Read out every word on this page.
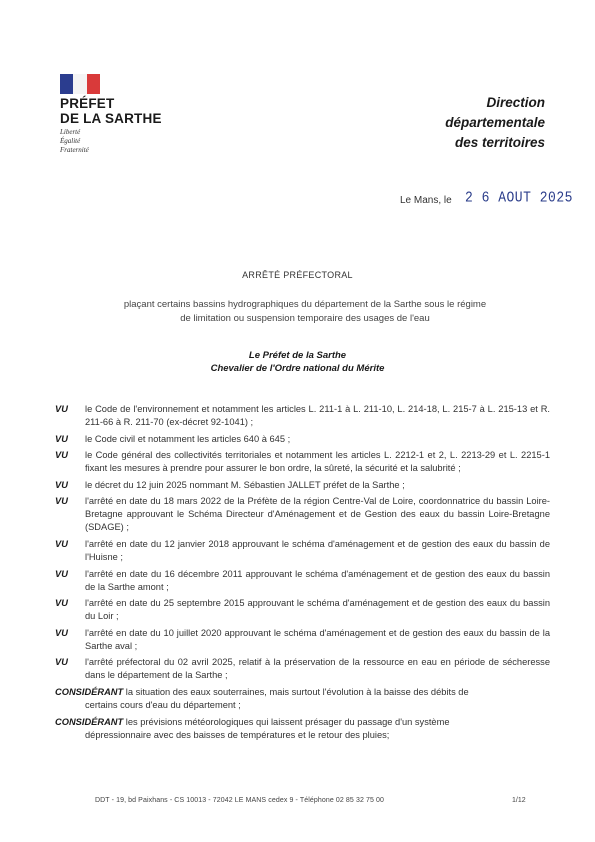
PRÉFET
DE LA SARTHE
Liberté
Égalité
Fraternité
Direction
départementale
des territoires
Le Mans, le 2 6 AOUT 2025
ARRÊTÉ PRÉFECTORAL
plaçant certains bassins hydrographiques du département de la Sarthe sous le régime
de limitation ou suspension temporaire des usages de l'eau
Le Préfet de la Sarthe
Chevalier de l'Ordre national du Mérite
VU	le Code de l'environnement et notamment les articles L. 211-1 à L. 211-10, L. 214-18, L. 215-7 à L. 215-13 et R. 211-66 à R. 211-70 (ex-décret 92-1041) ;
VU	le Code civil et notamment les articles 640 à 645 ;
VU	le Code général des collectivités territoriales et notamment les articles L. 2212-1 et 2, L. 2213-29 et L. 2215-1 fixant les mesures à prendre pour assurer le bon ordre, la sûreté, la sécurité et la salubrité ;
VU	le décret du 12 juin 2025 nommant M. Sébastien JALLET préfet de la Sarthe ;
VU	l'arrêté en date du 18 mars 2022 de la Préfète de la région Centre-Val de Loire, coordonnatrice du bassin Loire-Bretagne approuvant le Schéma Directeur d'Aménagement et de Gestion des eaux du bassin Loire-Bretagne (SDAGE) ;
VU	l'arrêté en date du 12 janvier 2018 approuvant le schéma d'aménagement et de gestion des eaux du bassin de l'Huisne ;
VU	l'arrêté en date du 16 décembre 2011 approuvant le schéma d'aménagement et de gestion des eaux du bassin de la Sarthe amont ;
VU	l'arrêté en date du 25 septembre 2015 approuvant le schéma d'aménagement et de gestion des eaux du bassin du Loir ;
VU	l'arrêté en date du 10 juillet 2020 approuvant le schéma d'aménagement et de gestion des eaux du bassin de la Sarthe aval ;
VU	l'arrêté préfectoral du 02 avril 2025, relatif à la préservation de la ressource en eau en période de sécheresse dans le département de la Sarthe ;
CONSIDÉRANT la situation des eaux souterraines, mais surtout l'évolution à la baisse des débits de
certains cours d'eau du département ;
CONSIDÉRANT les prévisions météorologiques qui laissent présager du passage d'un système
dépressionnaire avec des baisses de températures et le retour des pluies;
DDT - 19, bd Paixhans - CS 10013 - 72042 LE MANS cedex 9 - Téléphone 02 85 32 75 00	1/12
